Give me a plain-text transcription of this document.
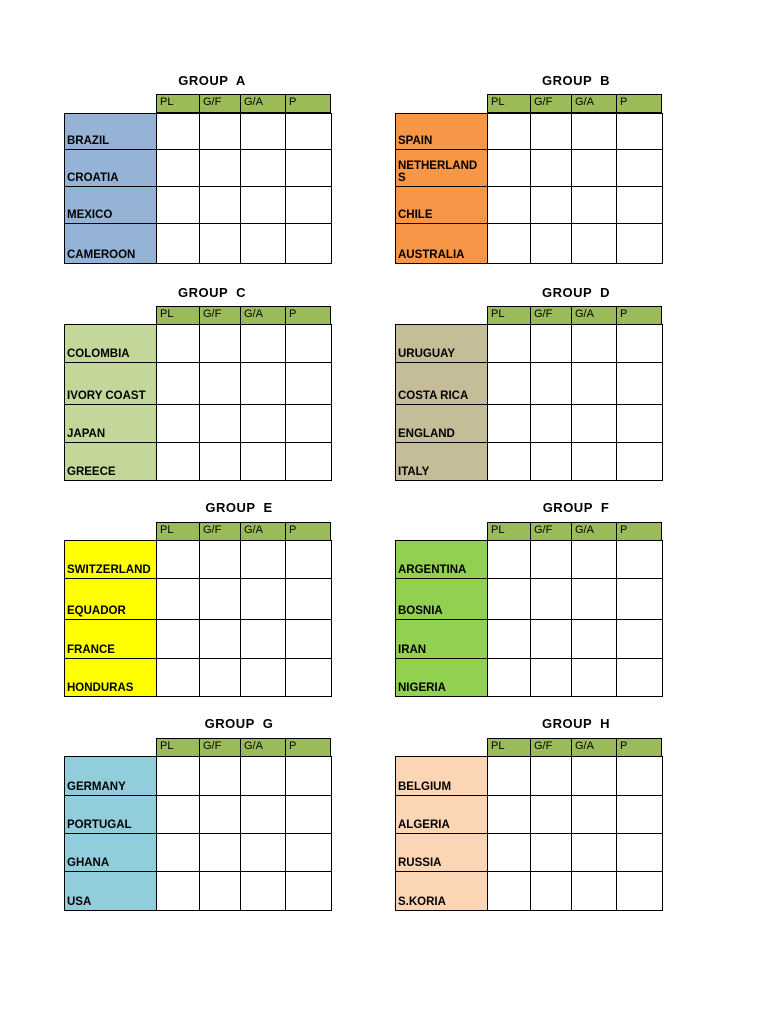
GROUP  A
PL	G/F	G/A	P
BRAZIL
CROATIA
MEXICO
CAMEROON
GROUP  B
PL	G/F	G/A	P
SPAIN
NETHERLAND S
CHILE
AUSTRALIA
GROUP  C
PL	G/F	G/A	P
COLOMBIA
IVORY COAST
JAPAN
GREECE
GROUP  D
PL	G/F	G/A	P
URUGUAY
COSTA RICA
ENGLAND
ITALY
GROUP  E
PL	G/F	G/A	P
SWITZERLAND
EQUADOR
FRANCE
HONDURAS
GROUP  F
PL	G/F	G/A	P
ARGENTINA
BOSNIA
IRAN
NIGERIA
GROUP  G
PL	G/F	G/A	P
GERMANY
PORTUGAL
GHANA
USA
GROUP  H
PL	G/F	G/A	P
BELGIUM
ALGERIA
RUSSIA
S.KORIA
